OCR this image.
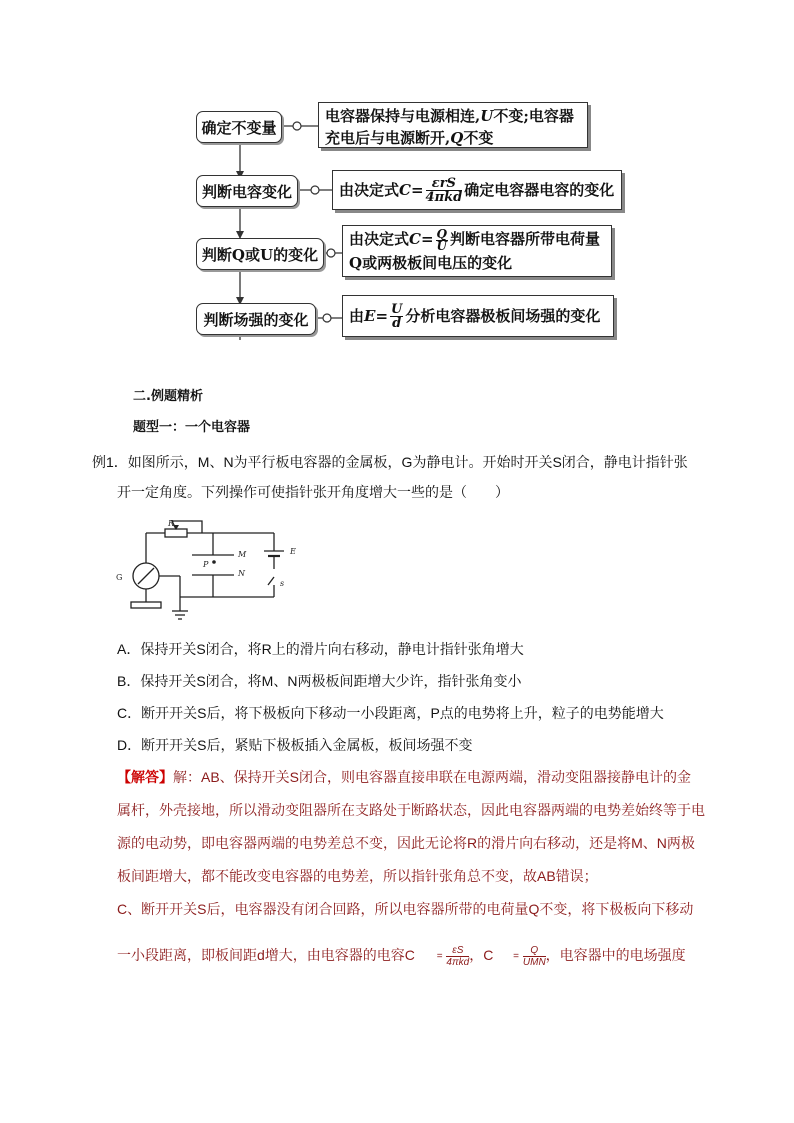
确定不变量
判断电容变化
判断Q或U的变化
判断场强的变化
电容器保持与电源相连,U不变;电容器
充电后与电源断开,Q不变
由决定式 $C= \frac{\text{εrS}}{\text{4πkd}}$ 确定电容器电容的变化
由决定式$C= \frac{Q}{U}$ 判断电容器所带电荷量
Q或两极板间电压的变化
由 $E= \frac{U}{d}$ 分析电容器极板间场强的变化
二.例题精析
题型一：一个电容器
例1．如图所示，M、N为平行板电容器的金属板，G为静电计。开始时开关S闭合，静电计指针张
开一定角度。下列操作可使指针张开角度增大一些的是（　　）
R
M
N
P
E
s
G
A．保持开关S闭合，将R上的滑片向右移动，静电计指针张角增大
B．保持开关S闭合，将M、N两极板间距增大少许，指针张角变小
C．断开开关S后，将下极板向下移动一小段距离，P点的电势将上升，粒子的电势能增大
D．断开开关S后，紧贴下极板插入金属板，板间场强不变
【解答】解：AB、保持开关S闭合，则电容器直接串联在电源两端，滑动变阻器接静电计的金
属杆，外壳接地，所以滑动变阻器所在支路处于断路状态，因此电容器两端的电势差始终等于电
源的电动势，即电容器两端的电势差总不变，因此无论将R的滑片向右移动，还是将M、N两极
板间距增大，都不能改变电容器的电势差，所以指针张角总不变，故AB错误；
C、断开开关S后，电容器没有闭合回路，所以电容器所带的电荷量Q不变，将下极板向下移动
一小段距离，即板间距d增大，由电容器的电容C =
εS
4πkd，C =
Q
UMN，电容器中的电场强度
